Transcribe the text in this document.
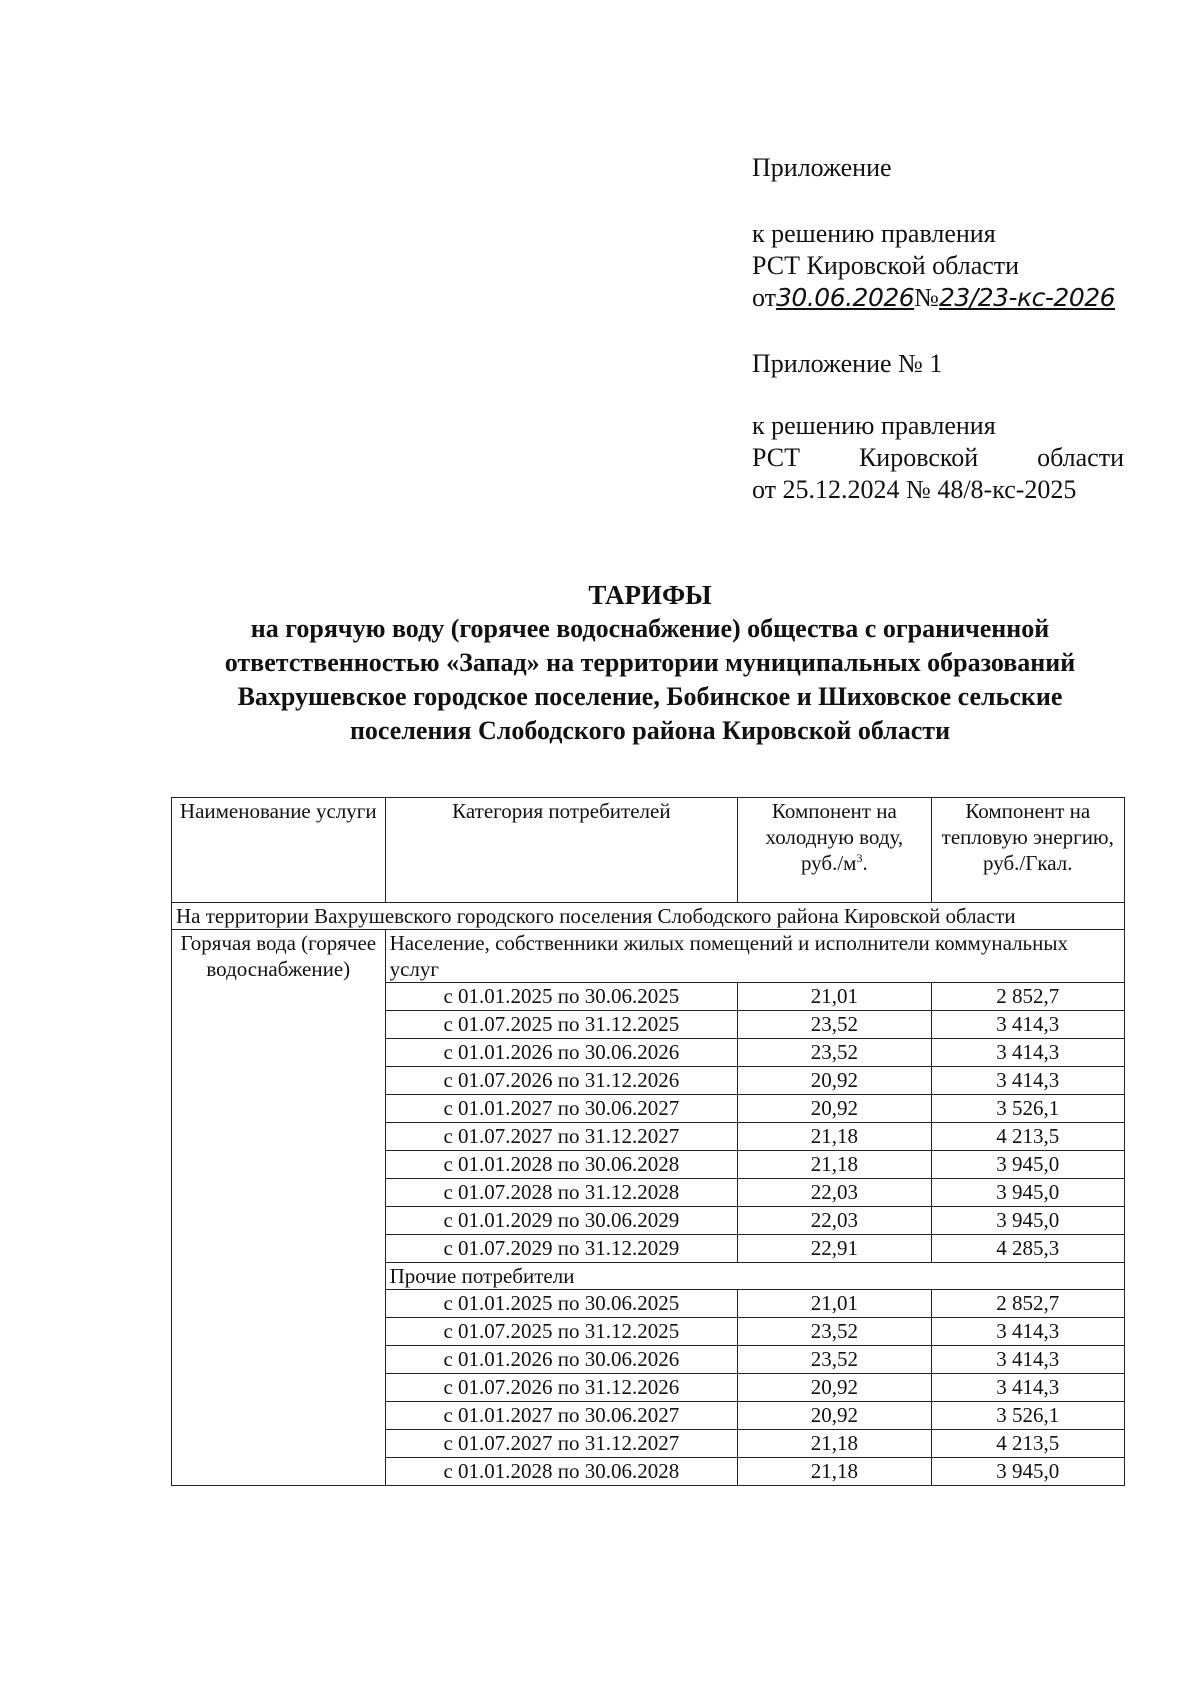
Приложение
к решению правления
РСТ Кировской области
от30.06.2026№23/23-кс-2026
Приложение № 1
к решению правления
РСТ Кировской области
от 25.12.2024 № 48/8-кс-2025
ТАРИФЫ
на горячую воду (горячее водоснабжение) общества с ограниченной
ответственностью «Запад» на территории муниципальных образований
Вахрушевское городское поселение, Бобинское и Шиховское сельские
поселения Слободского района Кировской области
Наименование услуги	Категория потребителей	Компонент на холодную воду, $руб./м^3$.	Компонент на тепловую энергию, руб./Гкал.
На территории Вахрушевского городского поселения Слободского района Кировской области			
Горячая вода (горячее водоснабжение)	Население, собственники жилых помещений и исполнители коммунальных услуг		
	с 01.01.2025 по 30.06.2025	21,01	2 852,7
	с 01.07.2025 по 31.12.2025	23,52	3 414,3
	с 01.01.2026 по 30.06.2026	23,52	3 414,3
	с 01.07.2026 по 31.12.2026	20,92	3 414,3
	с 01.01.2027 по 30.06.2027	20,92	3 526,1
	с 01.07.2027 по 31.12.2027	21,18	4 213,5
	с 01.01.2028 по 30.06.2028	21,18	3 945,0
	с 01.07.2028 по 31.12.2028	22,03	3 945,0
	с 01.01.2029 по 30.06.2029	22,03	3 945,0
	с 01.07.2029 по 31.12.2029	22,91	4 285,3
	Прочие потребители		
	с 01.01.2025 по 30.06.2025	21,01	2 852,7
	с 01.07.2025 по 31.12.2025	23,52	3 414,3
	с 01.01.2026 по 30.06.2026	23,52	3 414,3
	с 01.07.2026 по 31.12.2026	20,92	3 414,3
	с 01.01.2027 по 30.06.2027	20,92	3 526,1
	с 01.07.2027 по 31.12.2027	21,18	4 213,5
	с 01.01.2028 по 30.06.2028	21,18	3 945,0
